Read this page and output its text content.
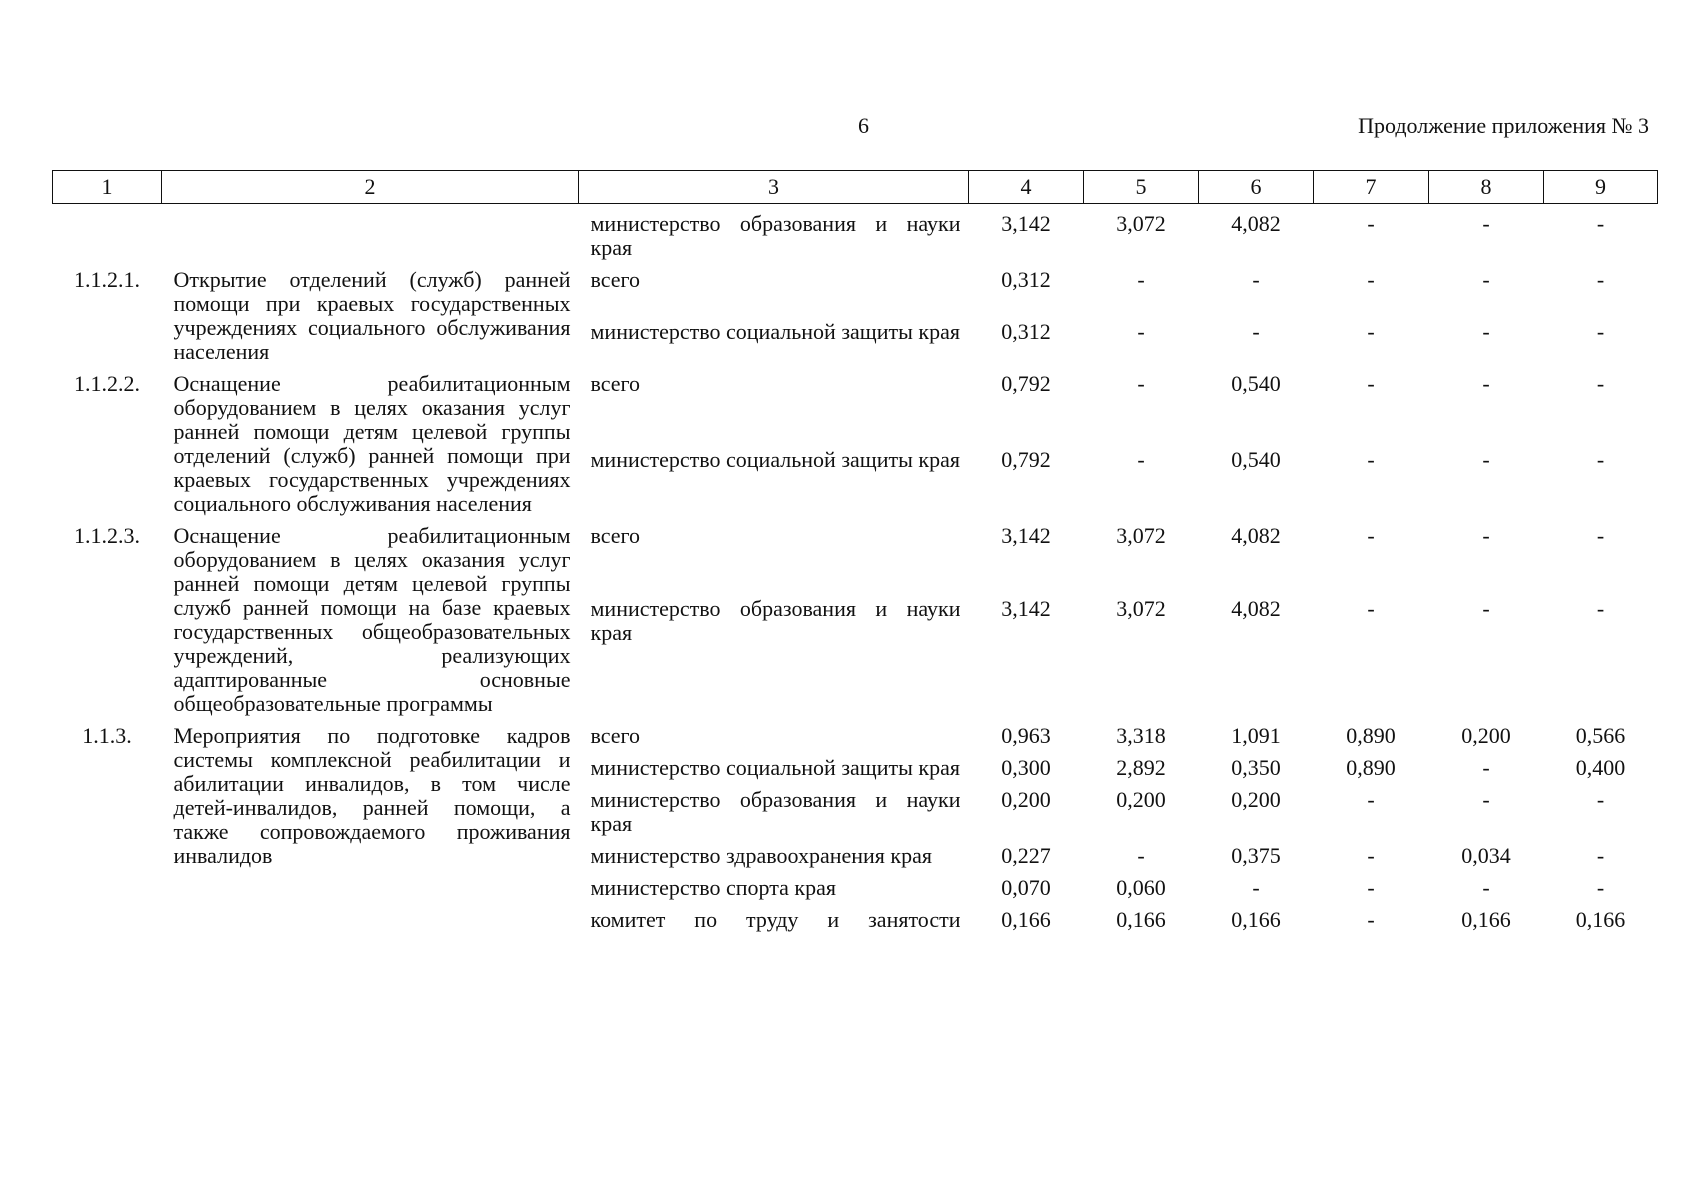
6	Продолжение приложения № 3
1	2	3	4	5	6	7	8	9
		министерство образования и науки края	3,142	3,072	4,082	-	-	-
1.1.2.1.	Открытие отделений (служб) ранней помощи при краевых государственных учреждениях социального обслуживания населения	всего	0,312	-	-	-	-	-
		министерство социальной защиты края	0,312	-	-	-	-	-
1.1.2.2.	Оснащение реабилитационным оборудованием в целях оказания услуг ранней помощи детям целевой группы отделений (служб) ранней помощи при краевых государственных учреждениях социального обслуживания населения	всего	0,792	-	0,540	-	-	-
		министерство социальной защиты края	0,792	-	0,540	-	-	-
1.1.2.3.	Оснащение реабилитационным оборудованием в целях оказания услуг ранней помощи детям целевой группы служб ранней помощи на базе краевых государственных общеобразовательных учреждений, реализующих адаптированные основные общеобразовательные программы	всего	3,142	3,072	4,082	-	-	-
		министерство образования и науки края	3,142	3,072	4,082	-	-	-
1.1.3.	Мероприятия по подготовке кадров системы комплексной реабилитации и абилитации инвалидов, в том числе детей-инвалидов, ранней помощи, а также сопровождаемого проживания инвалидов	всего	0,963	3,318	1,091	0,890	0,200	0,566
		министерство социальной защиты края	0,300	2,892	0,350	0,890	-	0,400
		министерство образования и науки края	0,200	0,200	0,200	-	-	-
		министерство здравоохранения края	0,227	-	0,375	-	0,034	-
		министерство спорта края	0,070	0,060	-	-	-	-
		комитет по труду и занятости	0,166	0,166	0,166	-	0,166	0,166
